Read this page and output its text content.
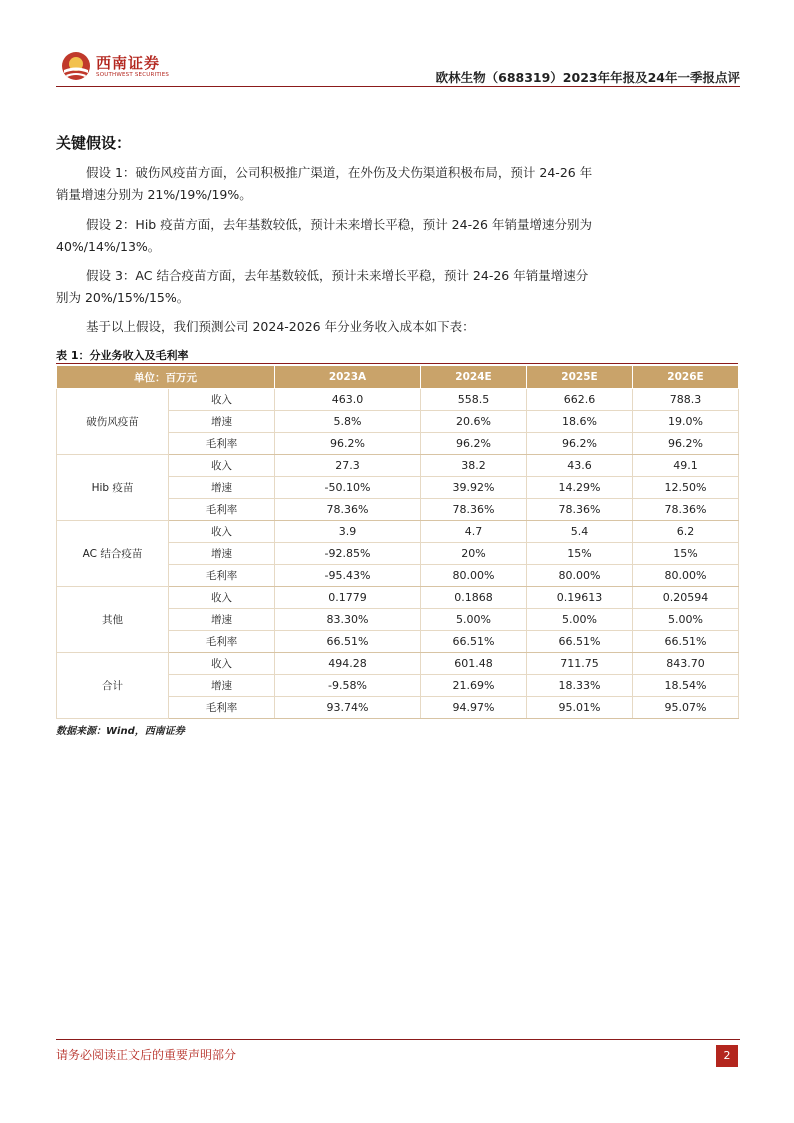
西南证券
SOUTHWEST SECURITIES	欧林生物（688319）2023年年报及24年一季报点评
关键假设：
假设 1：破伤风疫苗方面，公司积极推广渠道，在外伤及犬伤渠道积极布局，预计 24-26 年销量增速分别为 21%/19%/19%。
假设 2：Hib 疫苗方面，去年基数较低，预计未来增长平稳，预计 24-26 年销量增速分别为 40%/14%/13%。
假设 3：AC 结合疫苗方面，去年基数较低，预计未来增长平稳，预计 24-26 年销量增速分别为 20%/15%/15%。
基于以上假设，我们预测公司 2024-2026 年分业务收入成本如下表：
表 1：分业务收入及毛利率
单位：百万元		2023A	2024E	2025E	2026E
破伤风疫苗	收入	463.0	558.5	662.6	788.3
	增速	5.8%	20.6%	18.6%	19.0%
	毛利率	96.2%	96.2%	96.2%	96.2%
Hib 疫苗	收入	27.3	38.2	43.6	49.1
	增速	-50.10%	39.92%	14.29%	12.50%
	毛利率	78.36%	78.36%	78.36%	78.36%
AC 结合疫苗	收入	3.9	4.7	5.4	6.2
	增速	-92.85%	20%	15%	15%
	毛利率	-95.43%	80.00%	80.00%	80.00%
其他	收入	0.1779	0.1868	0.19613	0.20594
	增速	83.30%	5.00%	5.00%	5.00%
	毛利率	66.51%	66.51%	66.51%	66.51%
合计	收入	494.28	601.48	711.75	843.70
	增速	-9.58%	21.69%	18.33%	18.54%
	毛利率	93.74%	94.97%	95.01%	95.07%
数据来源：Wind，西南证券
请务必阅读正文后的重要声明部分	2
